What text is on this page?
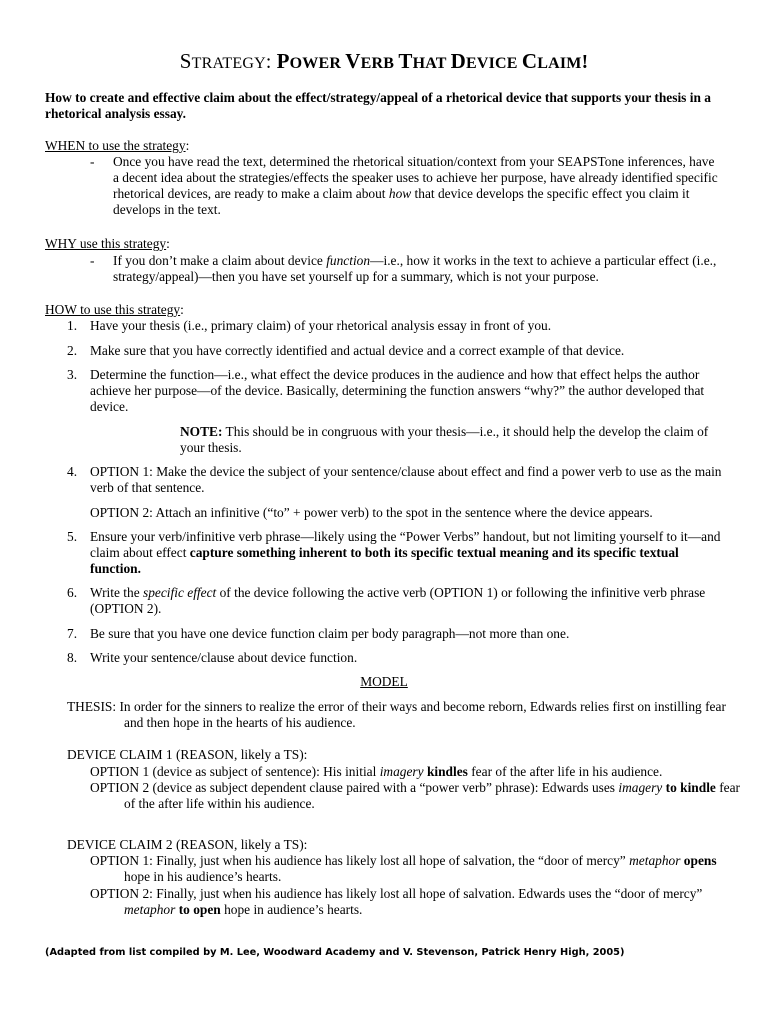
STRATEGY: POWER VERB THAT DEVICE CLAIM!
How to create and effective claim about the effect/strategy/appeal of a rhetorical device that supports your thesis in a rhetorical analysis essay.
WHEN to use the strategy:
- Once you have read the text, determined the rhetorical situation/context from your SEAPSTone inferences, have a decent idea about the strategies/effects the speaker uses to achieve her purpose, have already identified specific rhetorical devices, are ready to make a claim about how that device develops the specific effect you claim it develops in the text.
WHY use this strategy:
- If you don’t make a claim about device function—i.e., how it works in the text to achieve a particular effect (i.e., strategy/appeal)—then you have set yourself up for a summary, which is not your purpose.
HOW to use this strategy:
1. Have your thesis (i.e., primary claim) of your rhetorical analysis essay in front of you.
2. Make sure that you have correctly identified and actual device and a correct example of that device.
3. Determine the function—i.e., what effect the device produces in the audience and how that effect helps the author achieve her purpose—of the device. Basically, determining the function answers “why?” the author developed that device.
NOTE: This should be in congruous with your thesis—i.e., it should help the develop the claim of your thesis.
4. OPTION 1: Make the device the subject of your sentence/clause about effect and find a power verb to use as the main verb of that sentence.
OPTION 2: Attach an infinitive (“to” + power verb) to the spot in the sentence where the device appears.
5. Ensure your verb/infinitive verb phrase—likely using the “Power Verbs” handout, but not limiting yourself to it—and claim about effect capture something inherent to both its specific textual meaning and its specific textual function.
6. Write the specific effect of the device following the active verb (OPTION 1) or following the infinitive verb phrase (OPTION 2).
7. Be sure that you have one device function claim per body paragraph—not more than one.
8. Write your sentence/clause about device function.
MODEL
THESIS: In order for the sinners to realize the error of their ways and become reborn, Edwards relies first on instilling fear and then hope in the hearts of his audience.
DEVICE CLAIM 1 (REASON, likely a TS):
OPTION 1 (device as subject of sentence): His initial imagery kindles fear of the after life in his audience.
OPTION 2 (device as subject dependent clause paired with a “power verb” phrase): Edwards uses imagery to kindle fear of the after life within his audience.
DEVICE CLAIM 2 (REASON, likely a TS):
OPTION 1: Finally, just when his audience has likely lost all hope of salvation, the “door of mercy” metaphor opens hope in his audience’s hearts.
OPTION 2: Finally, just when his audience has likely lost all hope of salvation. Edwards uses the “door of mercy” metaphor to open hope in audience’s hearts.
(Adapted from list compiled by M. Lee, Woodward Academy and V. Stevenson, Patrick Henry High, 2005)
